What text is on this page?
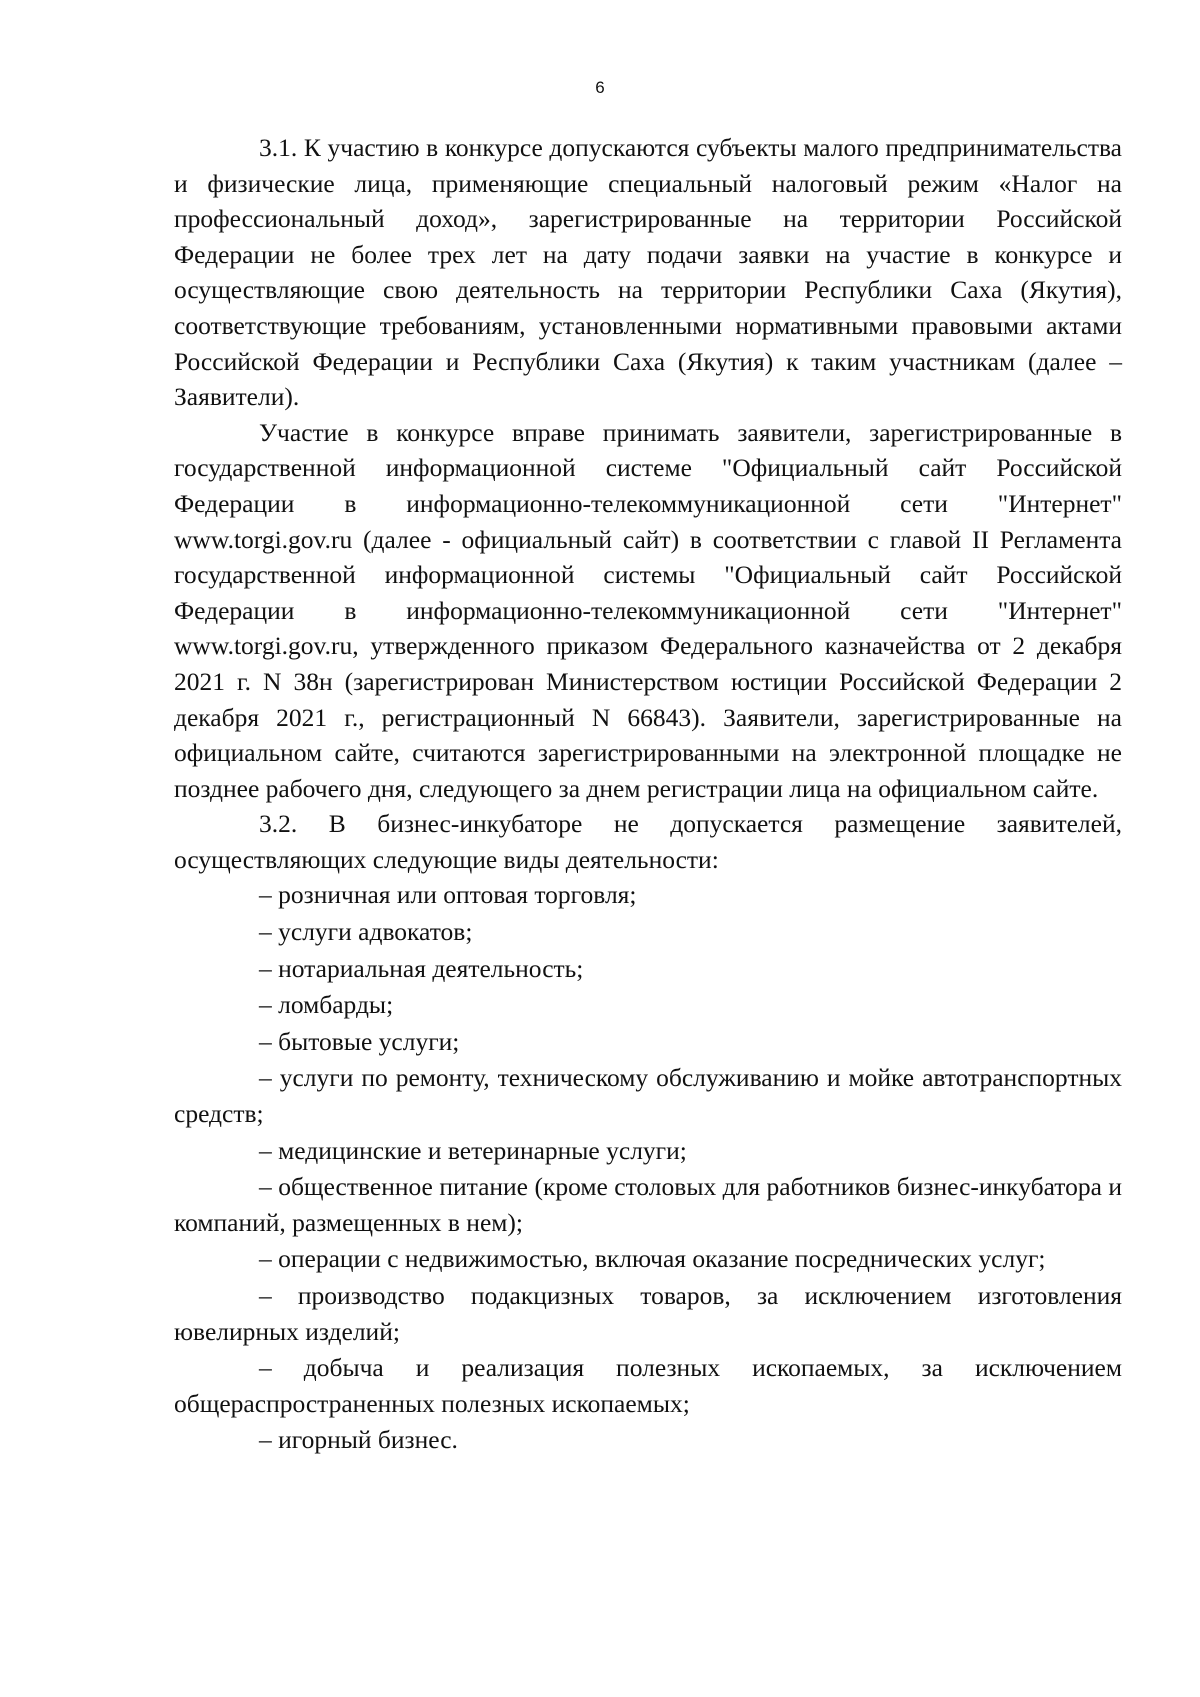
6

3.1. К участию в конкурсе допускаются субъекты малого предпринимательства и физические лица, применяющие специальный налоговый режим «Налог на профессиональный доход», зарегистрированные на территории Российской Федерации не более трех лет на дату подачи заявки на участие в конкурсе и осуществляющие свою деятельность на территории Республики Саха (Якутия), соответствующие требованиям, установленными нормативными правовыми актами Российской Федерации и Республики Саха (Якутия) к таким участникам (далее – Заявители).

Участие в конкурсе вправе принимать заявители, зарегистрированные в государственной информационной системе "Официальный сайт Российской Федерации в информационно-телекоммуникационной сети "Интернет" www.torgi.gov.ru (далее - официальный сайт) в соответствии с главой II Регламента государственной информационной системы "Официальный сайт Российской Федерации в информационно-телекоммуникационной сети "Интернет" www.torgi.gov.ru, утвержденного приказом Федерального казначейства от 2 декабря 2021 г. N 38н (зарегистрирован Министерством юстиции Российской Федерации 2 декабря 2021 г., регистрационный N 66843). Заявители, зарегистрированные на официальном сайте, считаются зарегистрированными на электронной площадке не позднее рабочего дня, следующего за днем регистрации лица на официальном сайте.

3.2. В бизнес-инкубаторе не допускается размещение заявителей, осуществляющих следующие виды деятельности:

– розничная или оптовая торговля;

– услуги адвокатов;

– нотариальная деятельность;

– ломбарды;

– бытовые услуги;

– услуги по ремонту, техническому обслуживанию и мойке автотранспортных средств;

– медицинские и ветеринарные услуги;

– общественное питание (кроме столовых для работников бизнес-инкубатора и компаний, размещенных в нем);

– операции с недвижимостью, включая оказание посреднических услуг;

– производство подакцизных товаров, за исключением изготовления ювелирных изделий;

– добыча и реализация полезных ископаемых, за исключением общераспространенных полезных ископаемых;

– игорный бизнес.
